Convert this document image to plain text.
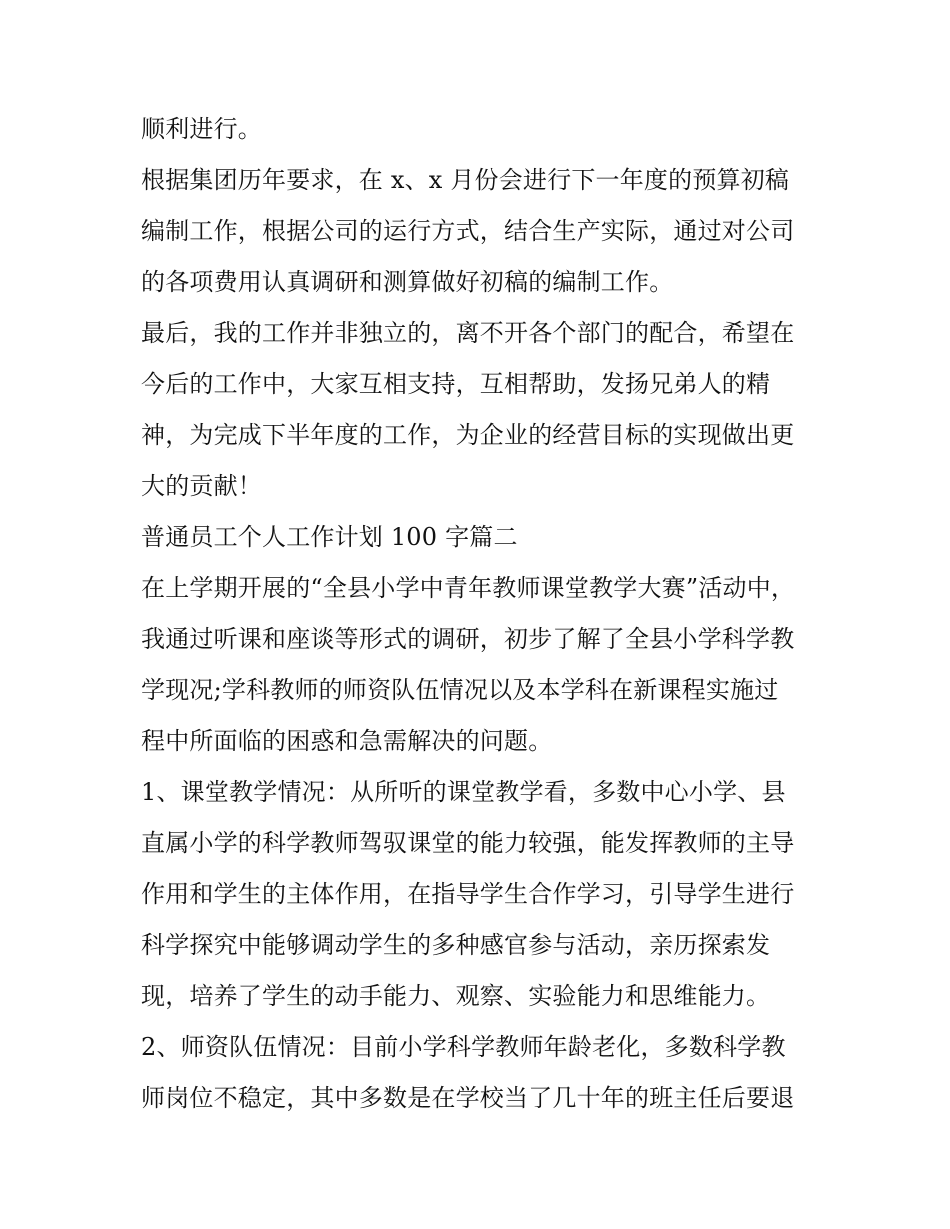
顺利进行。
根据集团历年要求，在 x、x 月份会进行下一年度的预算初稿
编制工作，根据公司的运行方式，结合生产实际，通过对公司
的各项费用认真调研和测算做好初稿的编制工作。
最后，我的工作并非独立的，离不开各个部门的配合，希望在
今后的工作中，大家互相支持，互相帮助，发扬兄弟人的精
神，为完成下半年度的工作，为企业的经营目标的实现做出更
大的贡献！
普通员工个人工作计划 100 字篇二
在上学期开展的“全县小学中青年教师课堂教学大赛”活动中，
我通过听课和座谈等形式的调研，初步了解了全县小学科学教
学现况;学科教师的师资队伍情况以及本学科在新课程实施过
程中所面临的困惑和急需解决的问题。
1、课堂教学情况：从所听的课堂教学看，多数中心小学、县
直属小学的科学教师驾驭课堂的能力较强，能发挥教师的主导
作用和学生的主体作用，在指导学生合作学习，引导学生进行
科学探究中能够调动学生的多种感官参与活动，亲历探索发
现，培养了学生的动手能力、观察、实验能力和思维能力。
2、师资队伍情况：目前小学科学教师年龄老化，多数科学教
师岗位不稳定，其中多数是在学校当了几十年的班主任后要退
